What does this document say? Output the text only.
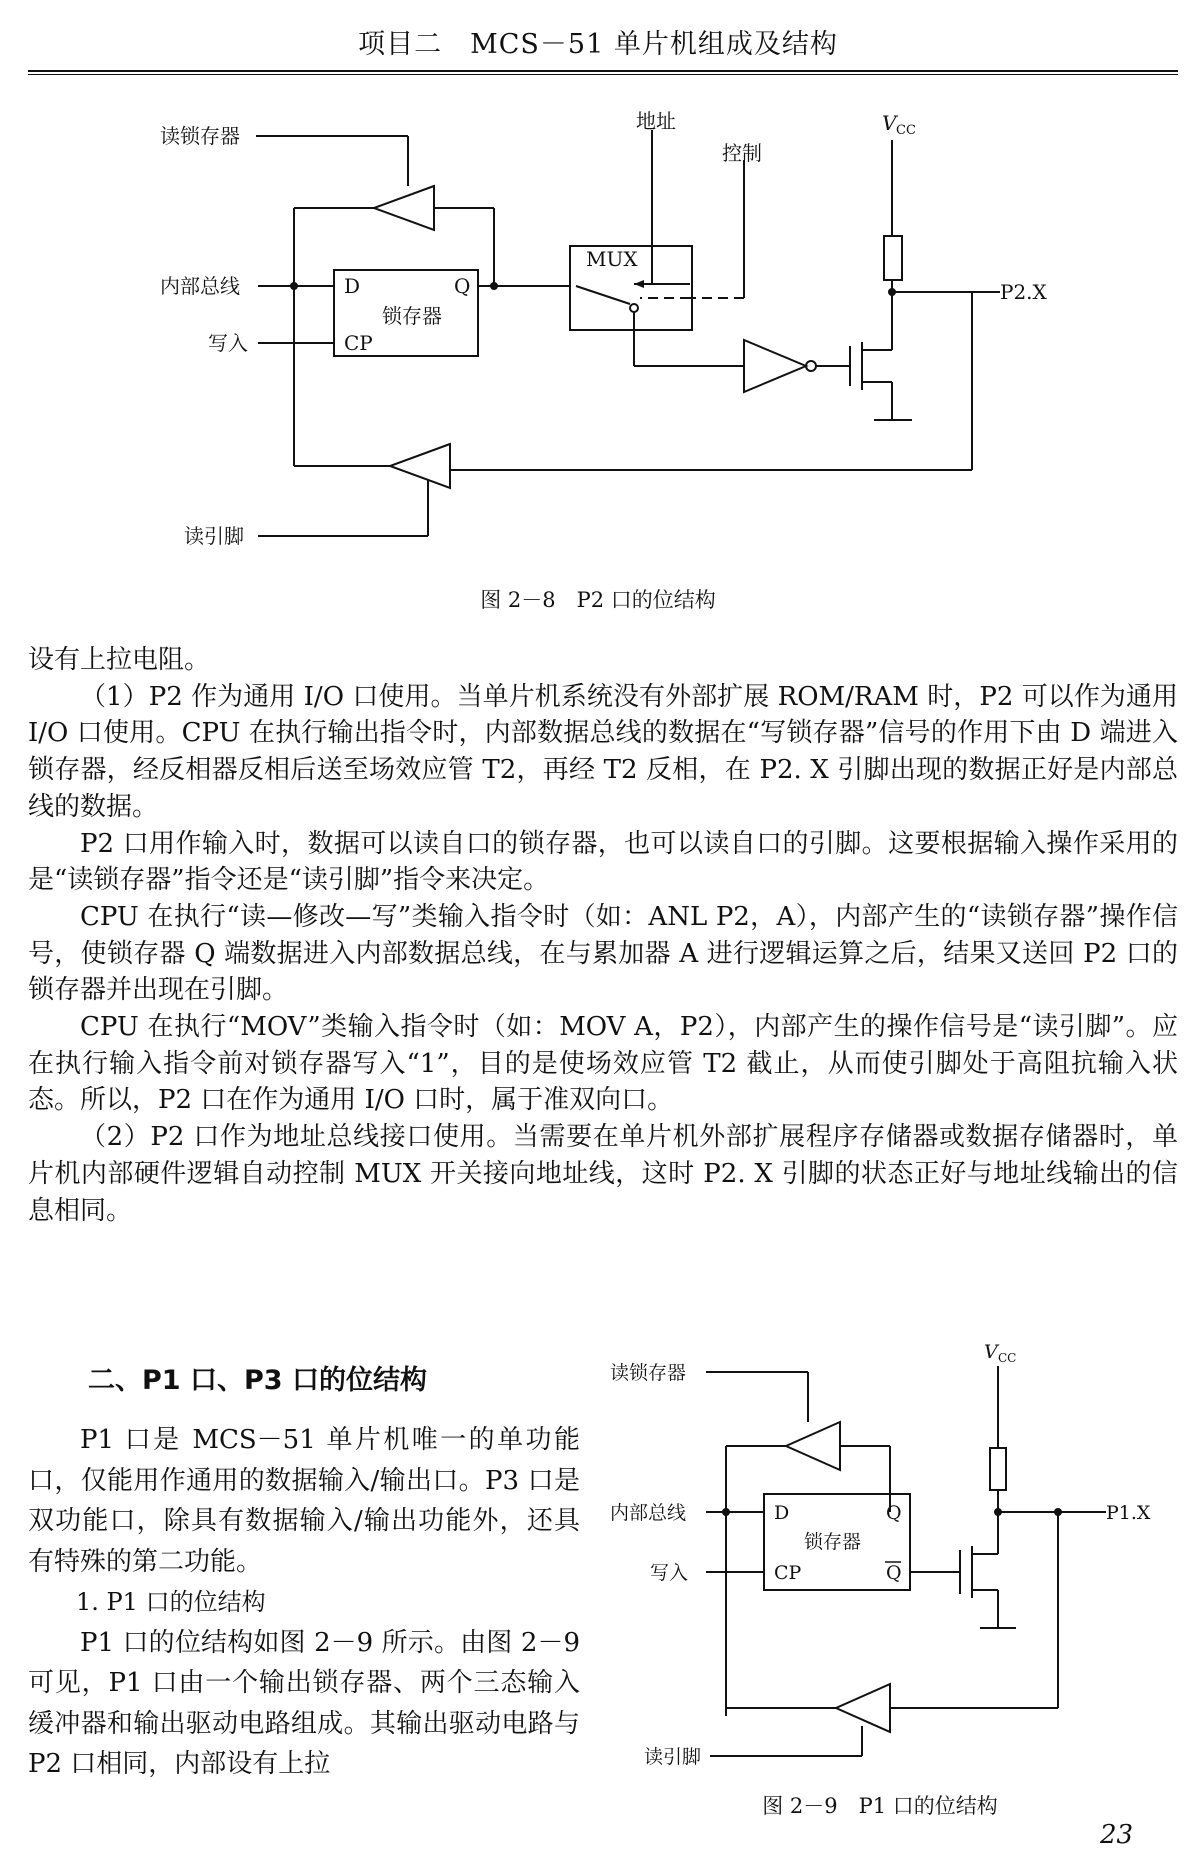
项目二　MCS－51 单片机组成及结构
读锁存器
地址
控制
V CC
MUX
内部总线	D	Q
锁存器
写入	CP
P2.X
读引脚
图 2－8　P2 口的位结构

设有上拉电阻。

（1）P2 作为通用 I/O 口使用。当单片机系统没有外部扩展 ROM/RAM 时，P2 可以作为通用 I/O 口使用。CPU 在执行输出指令时，内部数据总线的数据在“写锁存器”信号的作用下由 D 端进入锁存器，经反相器反相后送至场效应管 T2，再经 T2 反相，在 P2. X 引脚出现的数据正好是内部总线的数据。

P2 口用作输入时，数据可以读自口的锁存器，也可以读自口的引脚。这要根据输入操作采用的是“读锁存器”指令还是“读引脚”指令来决定。

CPU 在执行“读—修改—写”类输入指令时（如：ANL P2，A），内部产生的“读锁存器”操作信号，使锁存器 Q 端数据进入内部数据总线，在与累加器 A 进行逻辑运算之后，结果又送回 P2 口的锁存器并出现在引脚。

CPU 在执行“MOV”类输入指令时（如：MOV A，P2），内部产生的操作信号是“读引脚”。应在执行输入指令前对锁存器写入“1”，目的是使场效应管 T2 截止，从而使引脚处于高阻抗输入状态。所以，P2 口在作为通用 I/O 口时，属于准双向口。

（2）P2 口作为地址总线接口使用。当需要在单片机外部扩展程序存储器或数据存储器时，单片机内部硬件逻辑自动控制 MUX 开关接向地址线，这时 P2. X 引脚的状态正好与地址线输出的信息相同。

二、P1 口、P3 口的位结构

P1 口是 MCS－51 单片机唯一的单功能口，仅能用作通用的数据输入/输出口。P3 口是双功能口，除具有数据输入/输出功能外，还具有特殊的第二功能。

1. P1 口的位结构

P1 口的位结构如图 2－9 所示。由图 2－9可见，P1 口由一个输出锁存器、两个三态输入缓冲器和输出驱动电路组成。其输出驱动电路与 P2 口相同，内部设有上拉

读锁存器
V CC
内部总线	D	Q
锁存器
写入	CP	Q
P1.X
读引脚
图 2－9　P1 口的位结构
23
